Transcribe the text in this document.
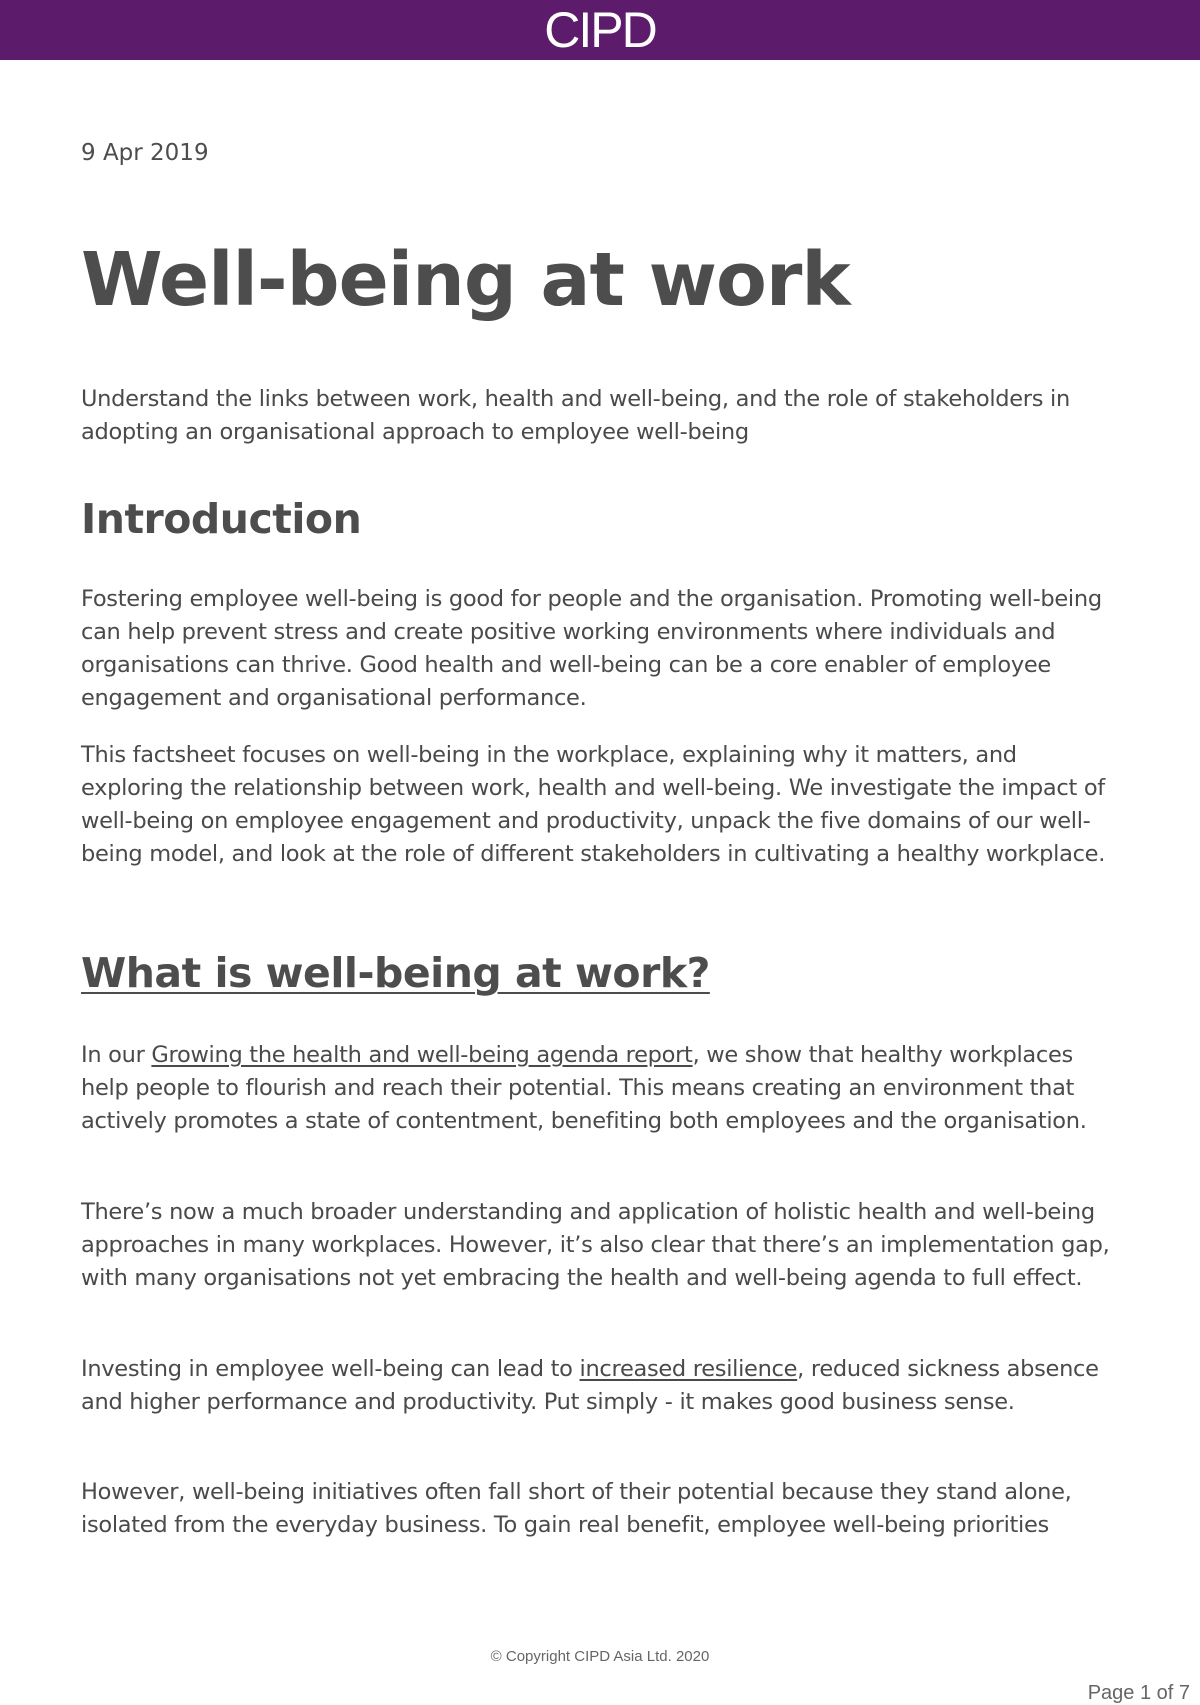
CIPD
9 Apr 2019
Well-being at work

Understand the links between work, health and well-being, and the role of stakeholders in adopting an organisational approach to employee well-being

Introduction

Fostering employee well-being is good for people and the organisation. Promoting well-being can help prevent stress and create positive working environments where individuals and organisations can thrive. Good health and well-being can be a core enabler of employee engagement and organisational performance.

This factsheet focuses on well-being in the workplace, explaining why it matters, and exploring the relationship between work, health and well-being. We investigate the impact of well-being on employee engagement and productivity, unpack the five domains of our well-being model, and look at the role of different stakeholders in cultivating a healthy workplace.

What is well-being at work?

In our Growing the health and well-being agenda report, we show that healthy workplaces help people to flourish and reach their potential. This means creating an environment that actively promotes a state of contentment, benefiting both employees and the organisation.

There’s now a much broader understanding and application of holistic health and well-being approaches in many workplaces. However, it’s also clear that there’s an implementation gap, with many organisations not yet embracing the health and well-being agenda to full effect.

Investing in employee well-being can lead to increased resilience, reduced sickness absence and higher performance and productivity. Put simply - it makes good business sense.

However, well-being initiatives often fall short of their potential because they stand alone, isolated from the everyday business. To gain real benefit, employee well-being priorities

© Copyright CIPD Asia Ltd. 2020
Page 1 of 7
